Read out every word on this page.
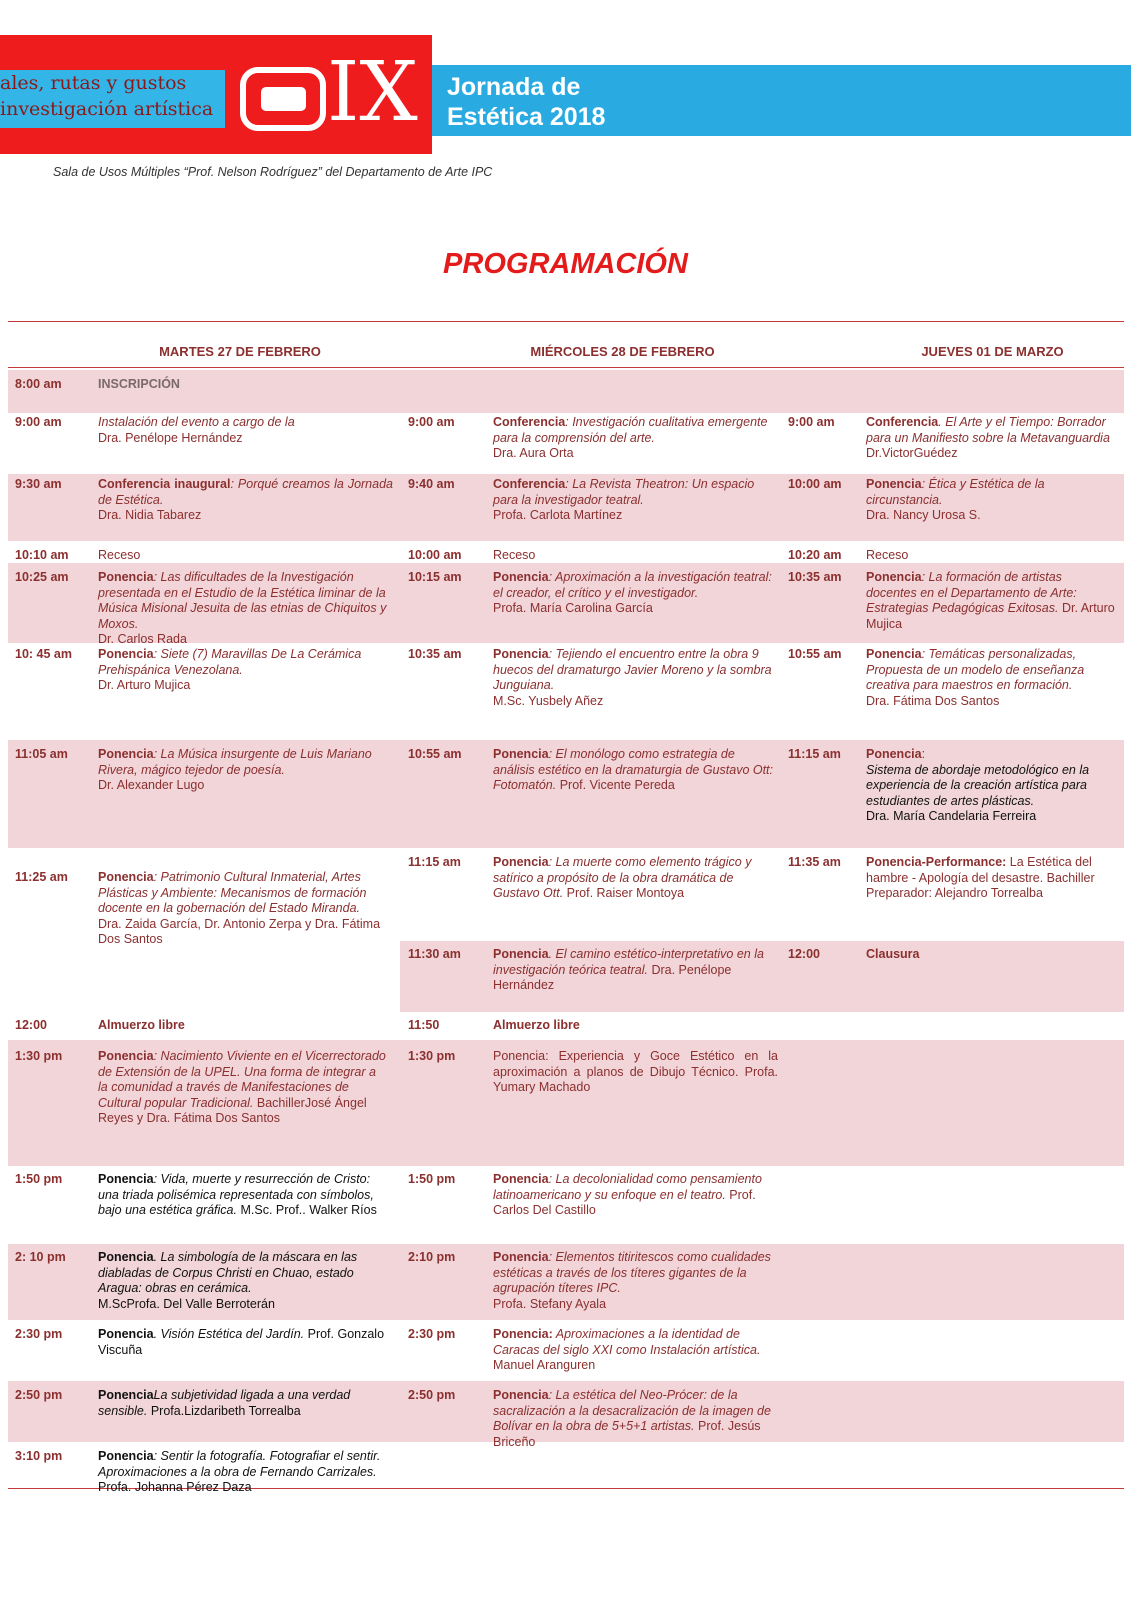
ales, rutas y gustos
investigación artística IX Jornada de
Estética 2018
Sala de Usos Múltiples “Prof. Nelson Rodríguez” del Departamento de Arte IPC
PROGRAMACIÓN
MARTES 27 DE FEBRERO	MIÉRCOLES 28 DE FEBRERO	JUEVES 01 DE MARZO
8:00 am	INSCRIPCIÓN
9:00 am	Instalación del evento a cargo de la
Dra. Penélope Hernández
9:30 am	Conferencia inaugural: Porqué creamos la Jornada de Estética.
Dra. Nidia Tabarez
10:10 am Receso
10:25 am Ponencia: Las dificultades de la Investigación presentada en el Estudio de la Estética liminar de la Música Misional Jesuita de las etnias de Chiquitos y Moxos.
Dr. Carlos Rada
10: 45 am Ponencia: Siete (7) Maravillas De La Cerámica Prehispánica Venezolana.
Dr. Arturo Mujica
11:05 am Ponencia: La Música insurgente de Luis Mariano Rivera, mágico tejedor de poesía.
Dr. Alexander Lugo
11:25 am Ponencia: Patrimonio Cultural Inmaterial, Artes Plásticas y Ambiente: Mecanismos de formación docente en la gobernación del Estado Miranda.
Dra. Zaida García, Dr. Antonio Zerpa y Dra. Fátima Dos Santos
12:00	Almuerzo libre
1:30 pm	Ponencia: Nacimiento Viviente en el Vicerrectorado de Extensión de la UPEL. Una forma de integrar a la comunidad a través de Manifestaciones de Cultural popular Tradicional. BachillerJosé Ángel Reyes y Dra. Fátima Dos Santos
1:50 pm	Ponencia: Vida, muerte y resurrección de Cristo: una triada polisémica representada con símbolos, bajo una estética gráfica. M.Sc. Prof.. Walker Ríos
2: 10 pm	Ponencia. La simbología de la máscara en las diabladas de Corpus Christi en Chuao, estado Aragua: obras en cerámica.
M.ScProfa. Del Valle Berroterán
2:30 pm	Ponencia. Visión Estética del Jardín. Prof. Gonzalo Viscuña
2:50 pm	PonenciaLa subjetividad ligada a una verdad sensible. Profa.Lizdaribeth Torrealba
3:10 pm	Ponencia: Sentir la fotografía. Fotografiar el sentir. Aproximaciones a la obra de Fernando Carrizales. Profa. Johanna Pérez Daza
9:00 am	Conferencia: Investigación cualitativa emergente para la comprensión del arte.
Dra. Aura Orta
9:40 am	Conferencia: La Revista Theatron: Un espacio para la investigador teatral.
Profa. Carlota Martínez
10:00 am	Receso
10:15 am	Ponencia: Aproximación a la investigación teatral: el creador, el crítico y el investigador.
Profa. María Carolina García
10:35 am	Ponencia: Tejiendo el encuentro entre la obra 9 huecos del dramaturgo Javier Moreno y la sombra Junguiana.
M.Sc. Yusbely Añez
10:55 am	Ponencia: El monólogo como estrategia de análisis estético en la dramaturgia de Gustavo Ott: Fotomatón. Prof. Vicente Pereda
11:15 am	Ponencia: La muerte como elemento trágico y satírico a propósito de la obra dramática de Gustavo Ott. Prof. Raiser Montoya
11:30 am	Ponencia. El camino estético-interpretativo en la investigación teórica teatral. Dra. Penélope Hernández
11:50	Almuerzo libre
1:30 pm	Ponencia: Experiencia y Goce Estético en la aproximación a planos de Dibujo Técnico. Profa. Yumary Machado
1:50 pm	Ponencia: La decolonialidad como pensamiento latinoamericano y su enfoque en el teatro. Prof. Carlos Del Castillo
2:10 pm	Ponencia: Elementos titiritescos como cualidades estéticas a través de los títeres gigantes de la agrupación títeres IPC.
Profa. Stefany Ayala
2:30 pm	Ponencia: Aproximaciones a la identidad de Caracas del siglo XXI como Instalación artística. Manuel Aranguren
2:50 pm	Ponencia: La estética del Neo-Prócer: de la sacralización a la desacralización de la imagen de Bolívar en la obra de 5+5+1 artistas. Prof. Jesús Briceño
9:00 am	Conferencia. El Arte y el Tiempo: Borrador para un Manifiesto sobre la Metavanguardia
Dr.VictorGuédez
10:00 am Ponencia: Ética y Estética de la circunstancia.
Dra. Nancy Urosa S.
10:20 am Receso
10:35 am Ponencia: La formación de artistas docentes en el Departamento de Arte: Estrategias Pedagógicas Exitosas. Dr. Arturo Mujica
10:55 am Ponencia: Temáticas personalizadas, Propuesta de un modelo de enseñanza creativa para maestros en formación.
Dra. Fátima Dos Santos
11:15 am Ponencia:
Sistema de abordaje metodológico en la experiencia de la creación artística para estudiantes de artes plásticas.
Dra. María Candelaria Ferreira
11:35 am Ponencia-Performance: La Estética del hambre - Apología del desastre. Bachiller Preparador: Alejandro Torrealba
12:00	Clausura
